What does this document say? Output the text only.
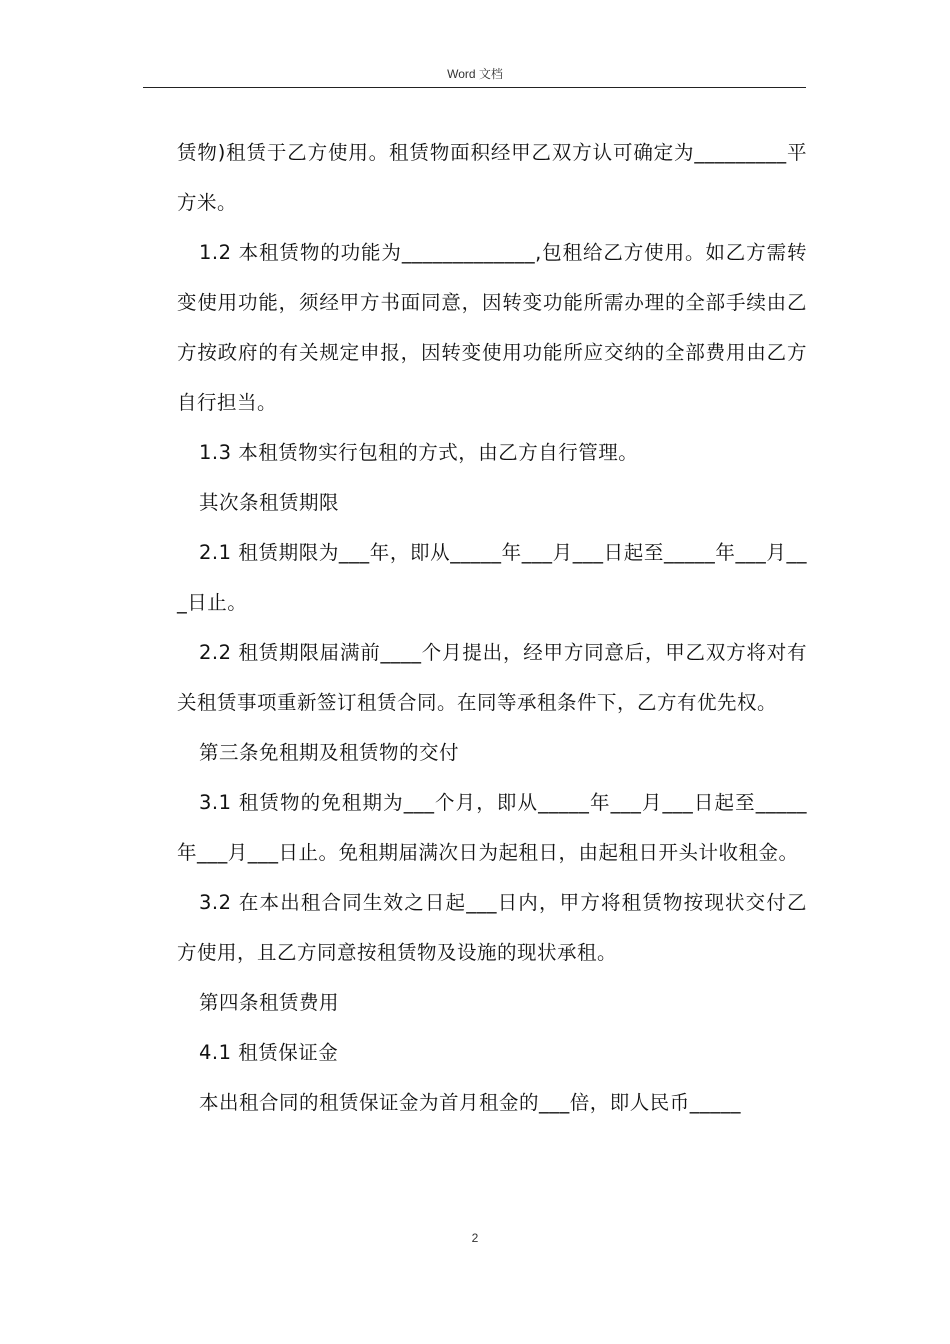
Word 文档

赁物)租赁于乙方使用。租赁物面积经甲乙双方认可确定为_________平方米。

1.2 本租赁物的功能为_____________,包租给乙方使用。如乙方需转变使用功能，须经甲方书面同意，因转变功能所需办理的全部手续由乙方按政府的有关规定申报，因转变使用功能所应交纳的全部费用由乙方自行担当。

1.3 本租赁物实行包租的方式，由乙方自行管理。

其次条租赁期限

2.1 租赁期限为___年，即从_____年___月___日起至_____年___月___日止。

2.2 租赁期限届满前____个月提出，经甲方同意后，甲乙双方将对有关租赁事项重新签订租赁合同。在同等承租条件下，乙方有优先权。

第三条免租期及租赁物的交付

3.1 租赁物的免租期为___个月，即从_____年___月___日起至_____年___月___日止。免租期届满次日为起租日，由起租日开头计收租金。

3.2 在本出租合同生效之日起___日内，甲方将租赁物按现状交付乙方使用，且乙方同意按租赁物及设施的现状承租。

第四条租赁费用

4.1 租赁保证金

本出租合同的租赁保证金为首月租金的___倍，即人民币_____

2
